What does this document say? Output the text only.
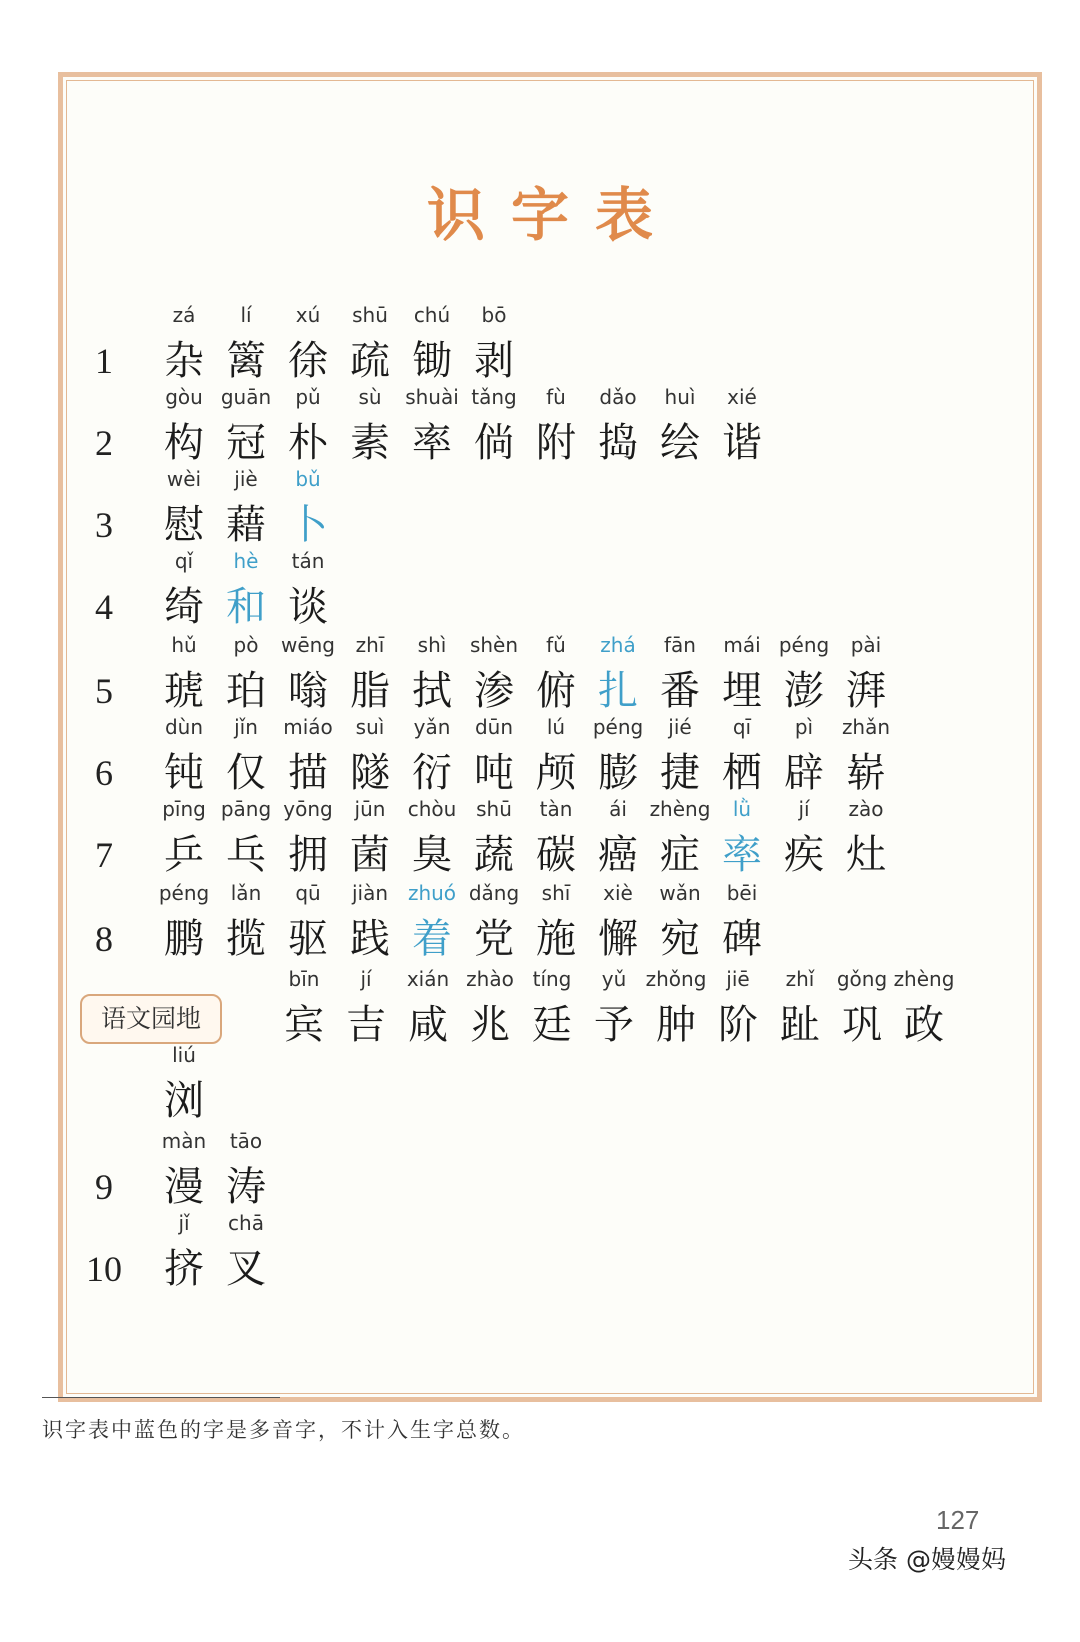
识字表
1
zá
杂
lí
篱
xú
徐
shū
疏
chú
锄
bō
剥
2
gòu
构
guān
冠
pǔ
朴
sù
素
shuài
率
tǎng
倘
fù
附
dǎo
捣
huì
绘
xié
谐
3
wèi
慰
jiè
藉
bǔ
卜
4
qǐ
绮
hè
和
tán
谈
5
hǔ
琥
pò
珀
wēng
嗡
zhī
脂
shì
拭
shèn
渗
fǔ
俯
zhá
扎
fān
番
mái
埋
péng
澎
pài
湃
6
dùn
钝
jǐn
仅
miáo
描
suì
隧
yǎn
衍
dūn
吨
lú
颅
péng
膨
jié
捷
qī
栖
pì
辟
zhǎn
崭
7
pīng
乒
pāng
乓
yōng
拥
jūn
菌
chòu
臭
shū
蔬
tàn
碳
ái
癌
zhèng
症
lǜ
率
jí
疾
zào
灶
8
péng
鹏
lǎn
揽
qū
驱
jiàn
践
zhuó
着
dǎng
党
shī
施
xiè
懈
wǎn
宛
bēi
碑
语文园地
bīn
宾
jí
吉
xián
咸
zhào
兆
tíng
廷
yǔ
予
zhǒng
肿
jiē
阶
zhǐ
趾
gǒng
巩
zhèng
政
liú
浏
9
màn
漫
tāo
涛
10
jǐ
挤
chā
叉
识字表中蓝色的字是多音字，不计入生字总数。
127
头条 @嫚嫚妈
